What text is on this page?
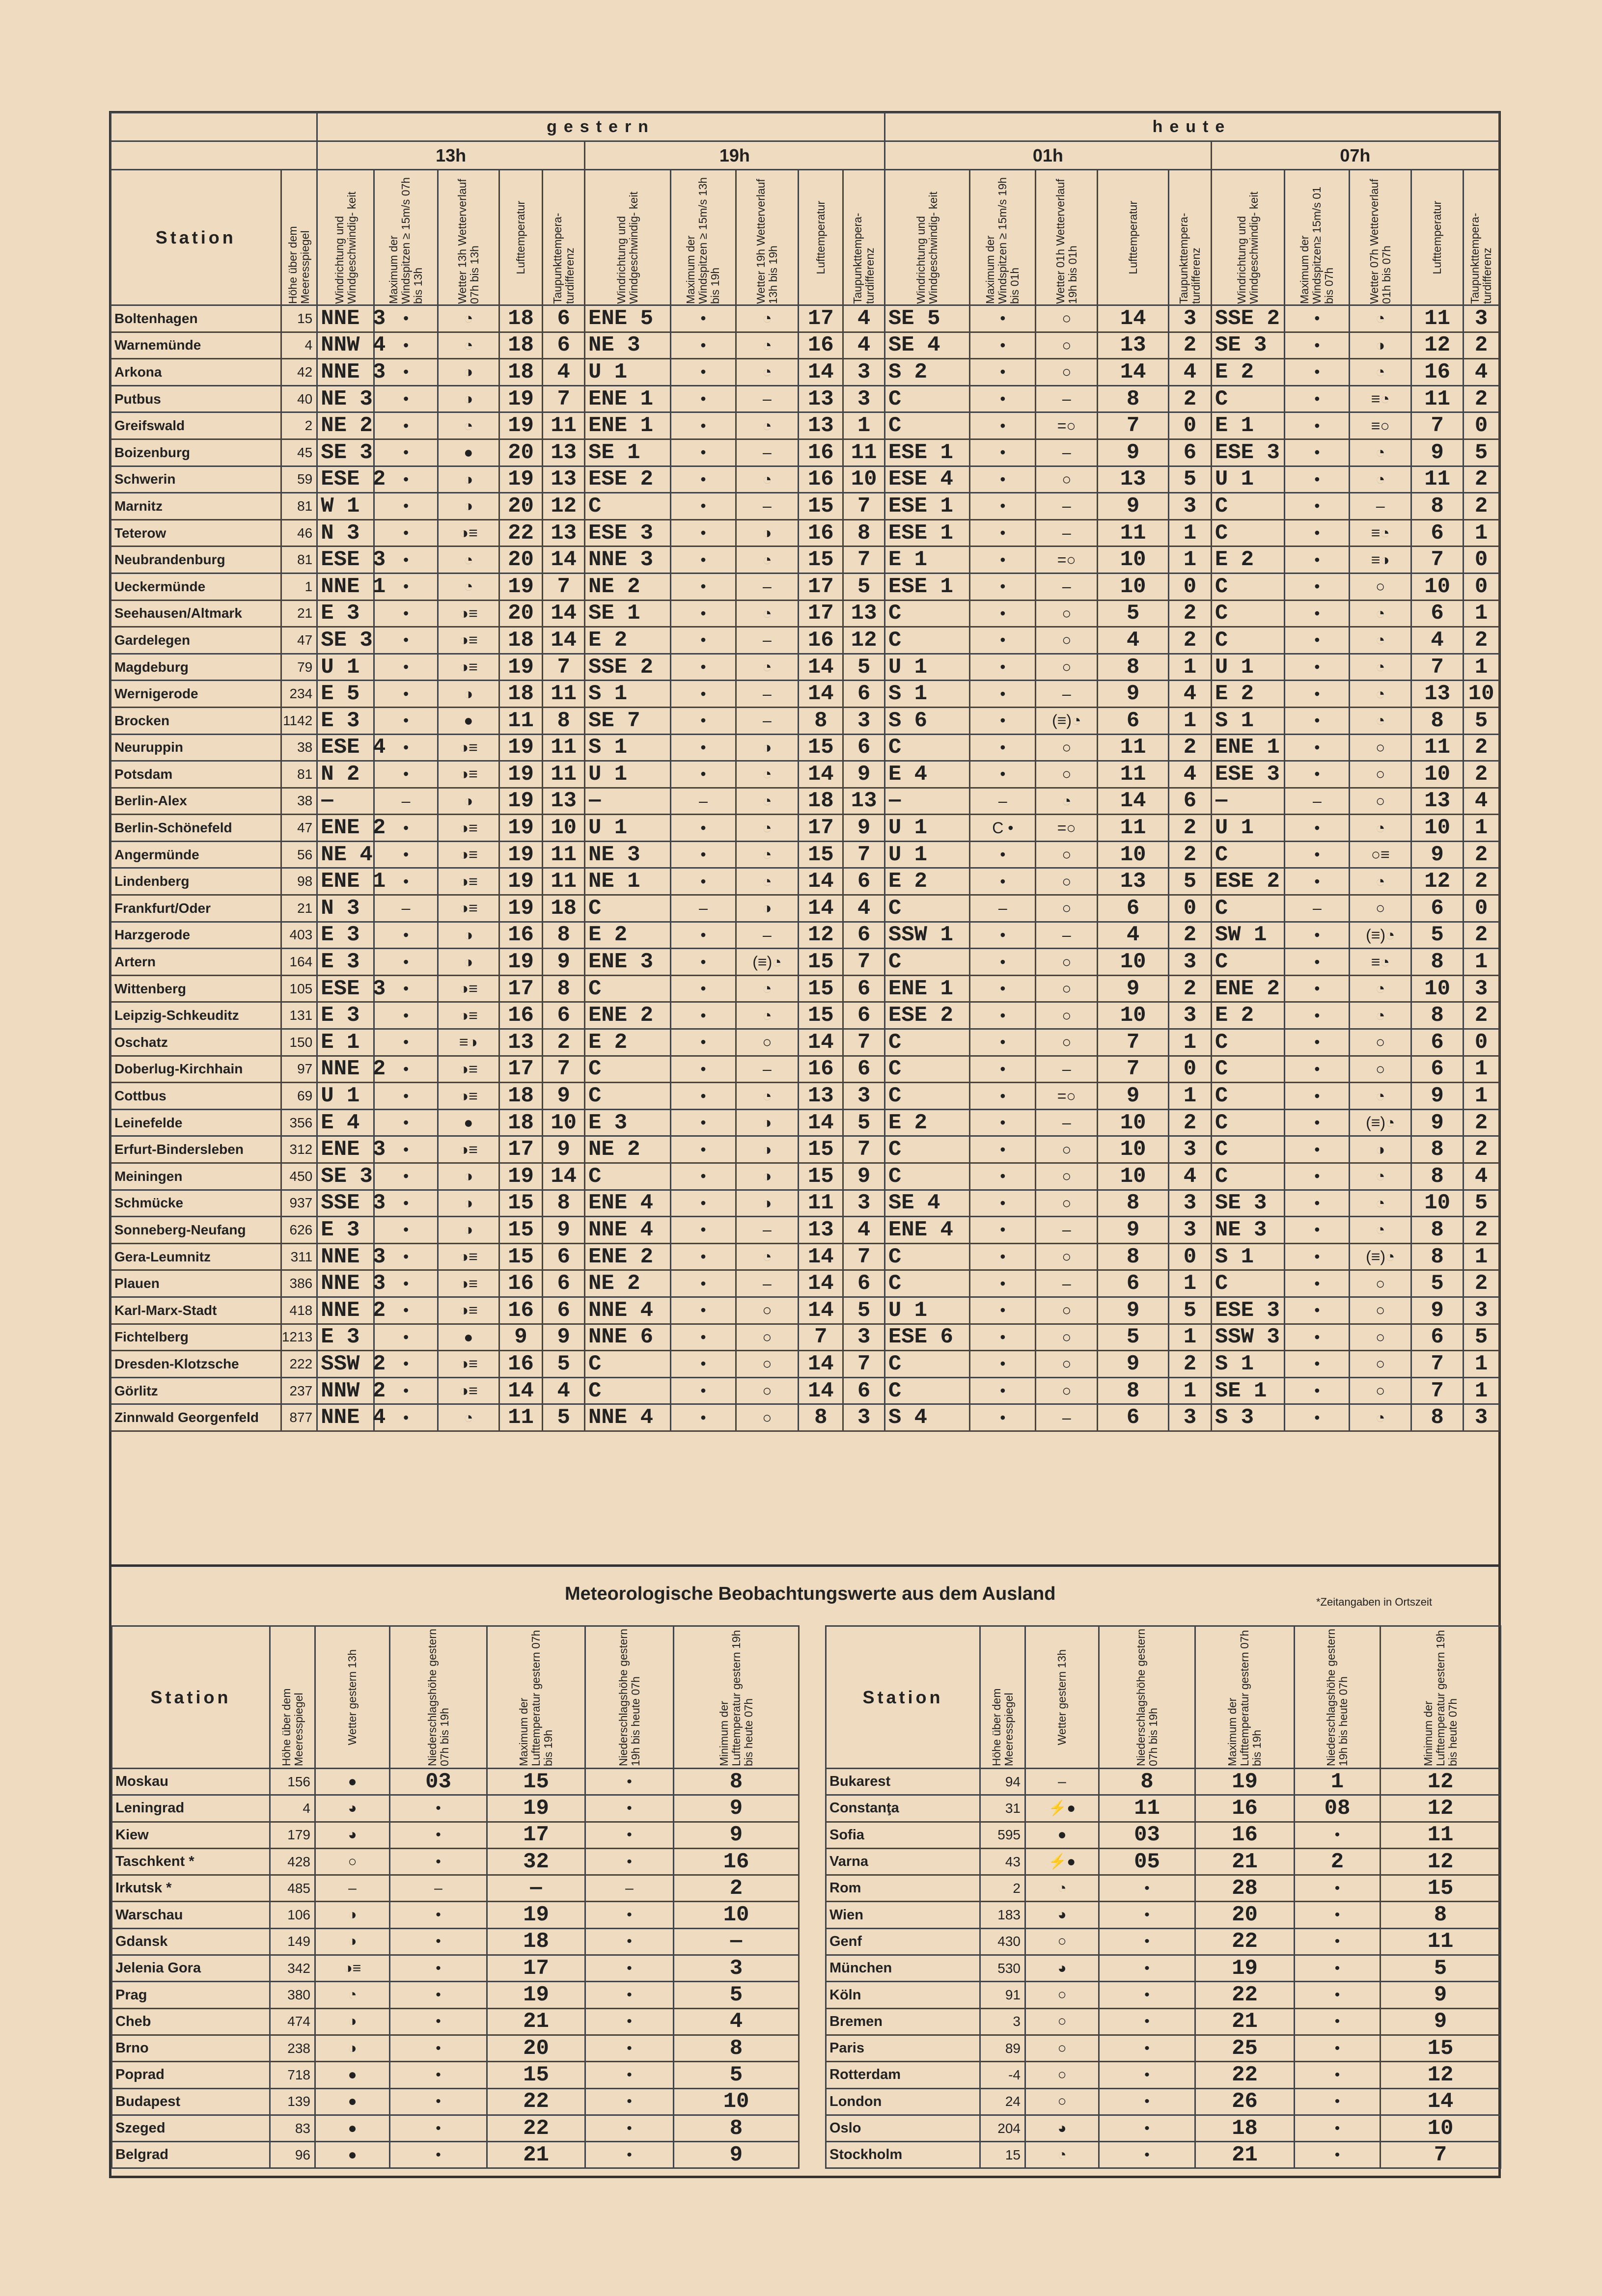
		gestern										heute									
		13h					19h					01h					07h				
Station	Höhe über dem Meeresspiegel	Windrichtung und Windgeschwindig- keit	Maximum der Windspitzen ≥ 15m/s 07h bis 13h	Wetter 13h Wetterverlauf 07h bis 13h	Lufttemperatur	Taupunkttempera- turdifferenz	Windrichtung und Windgeschwindig- keit	Maximum der Windspitzen ≥ 15m/s 13h bis 19h	Wetter 19h Wetterverlauf 13h bis 19h	Lufttemperatur	Taupunkttempera- turdifferenz	Windrichtung und Windgeschwindig- keit	Maximum der Windspitzen ≥ 15m/s 19h bis 01h	Wetter 01h Wetterverlauf 19h bis 01h	Lufttemperatur	Taupunkttempera- turdifferenz	Windrichtung und Windgeschwindig- keit	Maximum der Windspitzen≥ 15m/s 01 bis 07h	Wetter 07h Wetterverlauf 01h bis 07h	Lufttemperatur	Taupunkttempera- turdifferenz

Boltenhagen	15	NNE 3	•	◔	18	6	ENE 5	•	◔	17	4	SE 5	•	○	14	3	SSE 2	•	◔	11	3
Warnemünde	4	NNW 4	•	◔	18	6	NE 3	•	◔	16	4	SE 4	•	○	13	2	SE 3	•	◑	12	2
Arkona	42	NNE 3	•	◑	18	4	U 1	•	◔	14	3	S 2	•	○	14	4	E 2	•	◔	16	4
Putbus	40	NE 3	•	◑	19	7	ENE 1	•	‒	13	3	C	•	‒	8	2	C	•	≡◔	11	2
Greifswald	2	NE 2	•	◔	19	11	ENE 1	•	◔	13	1	C	•	=○	7	0	E 1	•	≡○	7	0
Boizenburg	45	SE 3	•	●	20	13	SE 1	•	‒	16	11	ESE 1	•	‒	9	6	ESE 3	•	◔	9	5
Schwerin	59	ESE 2	•	◑	19	13	ESE 2	•	◔	16	10	ESE 4	•	○	13	5	U 1	•	◔	11	2
Marnitz	81	W 1	•	◑	20	12	C	•	‒	15	7	ESE 1	•	‒	9	3	C	•	‒	8	2
Teterow	46	N 3	•	◑≡	22	13	ESE 3	•	◑	16	8	ESE 1	•	‒	11	1	C	•	≡◔	6	1
Neubrandenburg	81	ESE 3	•	◔	20	14	NNE 3	•	◔	15	7	E 1	•	=○	10	1	E 2	•	≡◑	7	0
Ueckermünde	1	NNE 1	•	◔	19	7	NE 2	•	‒	17	5	ESE 1	•	‒	10	0	C	•	○	10	0
Seehausen/Altmark	21	E 3	•	◑≡	20	14	SE 1	•	◔	17	13	C	•	○	5	2	C	•	◔	6	1
Gardelegen	47	SE 3	•	◑≡	18	14	E 2	•	‒	16	12	C	•	○	4	2	C	•	◔	4	2
Magdeburg	79	U 1	•	◑≡	19	7	SSE 2	•	◔	14	5	U 1	•	○	8	1	U 1	•	◔	7	1
Wernigerode	234	E 5	•	◑	18	11	S 1	•	‒	14	6	S 1	•	‒	9	4	E 2	•	◔	13	10
Brocken	1142	E 3	•	●	11	8	SE 7	•	‒	8	3	S 6	•	(≡)◔	6	1	S 1	•	◔	8	5
Neuruppin	38	ESE 4	•	◑≡	19	11	S 1	•	◑	15	6	C	•	○	11	2	ENE 1	•	○	11	2
Potsdam	81	N 2	•	◑≡	19	11	U 1	•	◔	14	9	E 4	•	○	11	4	ESE 3	•	○	10	2
Berlin-Alex	38	‒	‒	◑	19	13	‒	‒	◔	18	13	‒	‒	◔	14	6	‒	‒	○	13	4
Berlin-Schönefeld	47	ENE 2	•	◑≡	19	10	U 1	•	◔	17	9	U 1	C •	=○	11	2	U 1	•	◔	10	1
Angermünde	56	NE 4	•	◑≡	19	11	NE 3	•	◔	15	7	U 1	•	○	10	2	C	•	○≡	9	2
Lindenberg	98	ENE 1	•	◑≡	19	11	NE 1	•	◔	14	6	E 2	•	○	13	5	ESE 2	•	◔	12	2
Frankfurt/Oder	21	N 3	‒	◑≡	19	18	C	‒	◑	14	4	C	‒	○	6	0	C	‒	○	6	0
Harzgerode	403	E 3	•	◑	16	8	E 2	•	‒	12	6	SSW 1	•	‒	4	2	SW 1	•	(≡)◔	5	2
Artern	164	E 3	•	◑	19	9	ENE 3	•	(≡)◔	15	7	C	•	○	10	3	C	•	≡◔	8	1
Wittenberg	105	ESE 3	•	◑≡	17	8	C	•	◔	15	6	ENE 1	•	○	9	2	ENE 2	•	◔	10	3
Leipzig-Schkeuditz	131	E 3	•	◑≡	16	6	ENE 2	•	◔	15	6	ESE 2	•	○	10	3	E 2	•	◔	8	2
Oschatz	150	E 1	•	≡◑	13	2	E 2	•	○	14	7	C	•	○	7	1	C	•	○	6	0
Doberlug-Kirchhain	97	NNE 2	•	◑≡	17	7	C	•	‒	16	6	C	•	‒	7	0	C	•	○	6	1
Cottbus	69	U 1	•	◑≡	18	9	C	•	◔	13	3	C	•	=○	9	1	C	•	◔	9	1
Leinefelde	356	E 4	•	●	18	10	E 3	•	◑	14	5	E 2	•	‒	10	2	C	•	(≡)◔	9	2
Erfurt-Bindersleben	312	ENE 3	•	◑≡	17	9	NE 2	•	◑	15	7	C	•	○	10	3	C	•	◑	8	2
Meiningen	450	SE 3	•	◑	19	14	C	•	◑	15	9	C	•	○	10	4	C	•	◔	8	4
Schmücke	937	SSE 3	•	◑	15	8	ENE 4	•	◑	11	3	SE 4	•	○	8	3	SE 3	•	◔	10	5
Sonneberg-Neufang	626	E 3	•	◑	15	9	NNE 4	•	‒	13	4	ENE 4	•	‒	9	3	NE 3	•	◔	8	2
Gera-Leumnitz	311	NNE 3	•	◑≡	15	6	ENE 2	•	◔	14	7	C	•	○	8	0	S 1	•	(≡)◔	8	1
Plauen	386	NNE 3	•	◑≡	16	6	NE 2	•	‒	14	6	C	•	‒	6	1	C	•	○	5	2
Karl-Marx-Stadt	418	NNE 2	•	◑≡	16	6	NNE 4	•	○	14	5	U 1	•	○	9	5	ESE 3	•	○	9	3
Fichtelberg	1213	E 3	•	●	9	9	NNE 6	•	○	7	3	ESE 6	•	○	5	1	SSW 3	•	○	6	5
Dresden-Klotzsche	222	SSW 2	•	◑≡	16	5	C	•	○	14	7	C	•	○	9	2	S 1	•	○	7	1
Görlitz	237	NNW 2	•	◑≡	14	4	C	•	○	14	6	C	•	○	8	1	SE 1	•	○	7	1
Zinnwald Georgenfeld	877	NNE 4	•	◔	11	5	NNE 4	•	○	8	3	S 4	•	‒	6	3	S 3	•	◔	8	3

Meteorologische Beobachtungswerte aus dem Ausland	*Zeitangaben in Ortszeit
Station	Höhe über dem Meeresspiegel	Wetter gestern 13h	Niederschlagshöhe gestern 07h bis 19h	Maximum der Lufttemperatur gestern 07h bis 19h	Niederschlagshöhe gestern 19h bis heute 07h	Minimum der Lufttemperatur gestern 19h bis heute 07h

Moskau	156	●	03	15	•	8
Leningrad	4	◕	•	19	•	9
Kiew	179	◕	•	17	•	9
Taschkent *	428	○	•	32	•	16
Irkutsk *	485	‒	‒	‒	‒	2
Warschau	106	◑	•	19	•	10
Gdansk	149	◑	•	18	•	‒
Jelenia Gora	342	◑≡	•	17	•	3
Prag	380	◔	•	19	•	5
Cheb	474	◑	•	21	•	4
Brno	238	◑	•	20	•	8
Poprad	718	●	•	15	•	5
Budapest	139	●	•	22	•	10
Szeged	83	●	•	22	•	8
Belgrad	96	●	•	21	•	9
Station	Höhe über dem Meeresspiegel	Wetter gestern 13h	Niederschlagshöhe gestern 07h bis 19h	Maximum der Lufttemperatur gestern 07h bis 19h	Niederschlagshöhe gestern 19h bis heute 07h	Minimum der Lufttemperatur gestern 19h bis heute 07h

Bukarest	94	‒	8	19	1	12
Constanţa	31	⚡●	11	16	08	12
Sofia	595	●	03	16	•	11
Varna	43	⚡●	05	21	2	12
Rom	2	◔	•	28	•	15
Wien	183	◕	•	20	•	8
Genf	430	○	•	22	•	11
München	530	◕	•	19	•	5
Köln	91	○	•	22	•	9
Bremen	3	○	•	21	•	9
Paris	89	○	•	25	•	15
Rotterdam	-4	○	•	22	•	12
London	24	○	•	26	•	14
Oslo	204	◕	•	18	•	10
Stockholm	15	◔	•	21	•	7
